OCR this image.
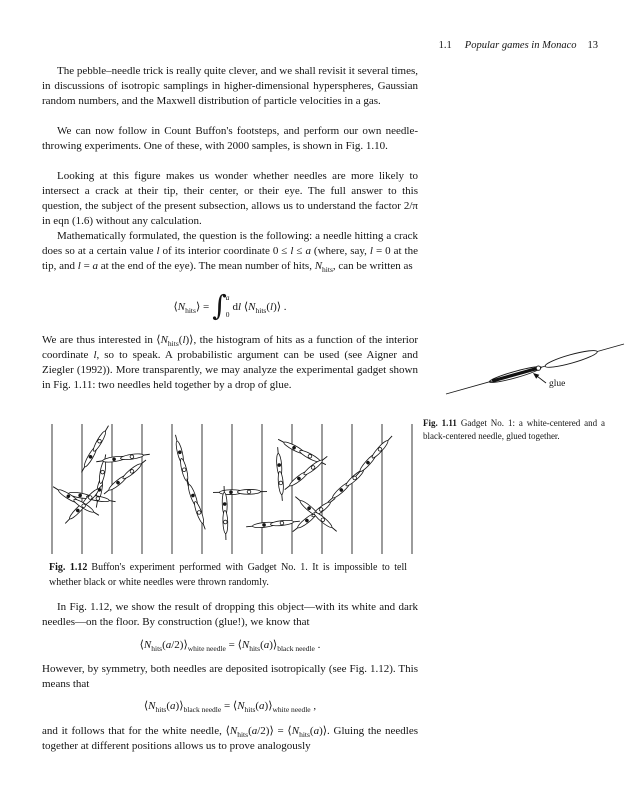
1.1 Popular games in Monaco 13

The pebble–needle trick is really quite clever, and we shall revisit it several times, in discussions of isotropic samplings in higher-dimensional hyperspheres, Gaussian random numbers, and the Maxwell distribution of particle velocities in a gas.

We can now follow in Count Buffon's footsteps, and perform our own needle-throwing experiments. One of these, with 2000 samples, is shown in Fig. 1.10.

Looking at this figure makes us wonder whether needles are more likely to intersect a crack at their tip, their center, or their eye. The full answer to this question, the subject of the present subsection, allows us to understand the factor 2/π in eqn (1.6) without any calculation.

Mathematically formulated, the question is the following: a needle hitting a crack does so at a certain value l of its interior coordinate 0 ≤ l ≤ a (where, say, l = 0 at the tip, and l = a at the end of the eye). The mean number of hits, $N_{hits}$, can be written as

$⟨N_{hits}⟩$ = ∫ a
0
dl $⟨N_{hits}(l)⟩$ .

We are thus interested in $⟨N_{hits}(l)⟩$, the histogram of hits as a function of the interior coordinate l, so to speak. A probabilistic argument can be used (see Aigner and Ziegler (1992)). More transparently, we may analyze the experimental gadget shown in Fig. 1.11: two needles held together by a drop of glue.	glue

Fig. 1.11 Gadget No. 1: a white-centered and a black-centered needle, glued together.

Fig. 1.12 Buffon's experiment performed with Gadget No. 1. It is impossible to tell whether black or white needles were thrown randomly.

In Fig. 1.12, we show the result of dropping this object—with its white and dark needles—on the floor. By construction (glue!), we know that

$⟨N_{hits}(a/2)⟩_{white needle}$ = $⟨N_{hits}(a)⟩_{black needle}$ .

However, by symmetry, both needles are deposited isotropically (see Fig. 1.12). This means that

$⟨N_{hits}(a)⟩_{black needle}$ = $⟨N_{hits}(a)⟩_{white needle}$ ,

and it follows that for the white needle, $⟨N_{hits}(a/2)⟩$ = $⟨N_{hits}(a)⟩$. Gluing the needles together at different positions allows us to prove analogously
